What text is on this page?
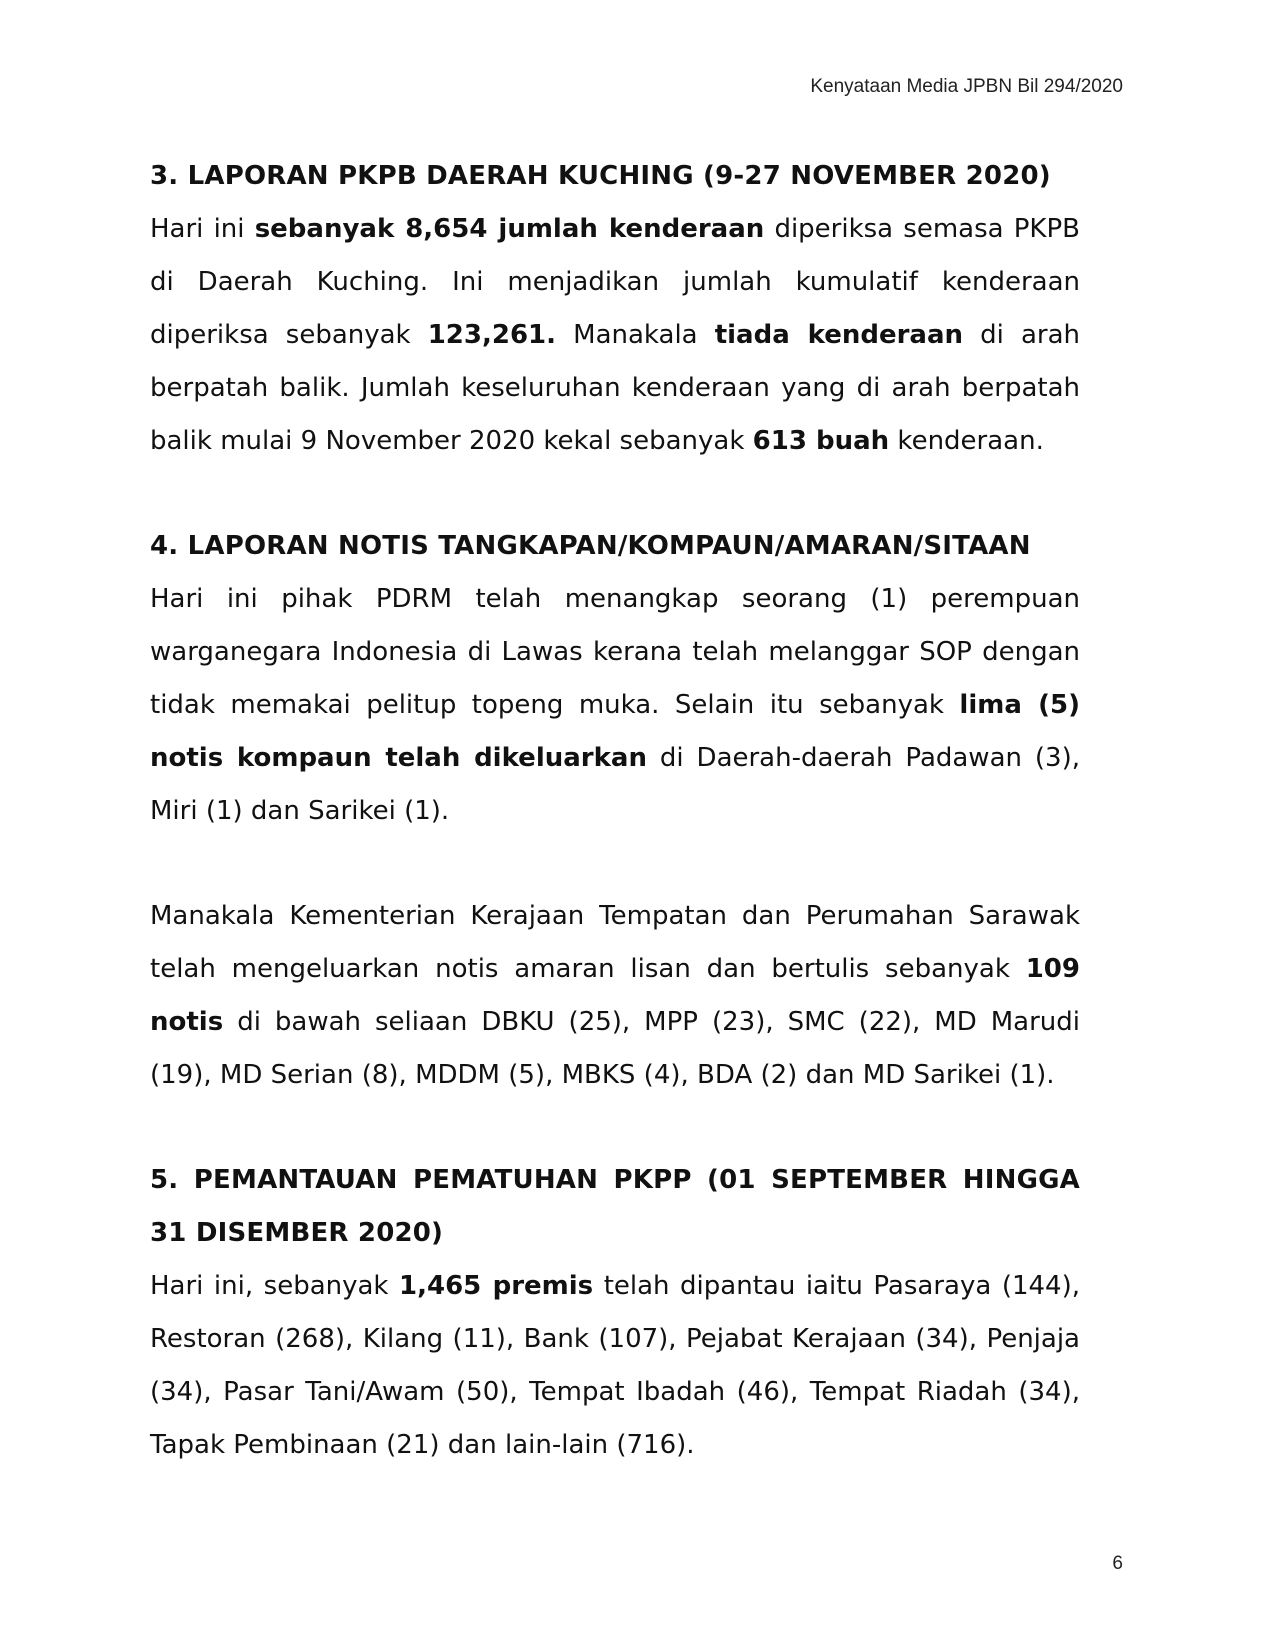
Kenyataan Media JPBN Bil 294/2020
3. LAPORAN PKPB DAERAH KUCHING (9-27 NOVEMBER 2020)

Hari ini sebanyak 8,654 jumlah kenderaan diperiksa semasa PKPB di Daerah Kuching. Ini menjadikan jumlah kumulatif kenderaan diperiksa sebanyak 123,261. Manakala tiada kenderaan di arah berpatah balik. Jumlah keseluruhan kenderaan yang di arah berpatah balik mulai 9 November 2020 kekal sebanyak 613 buah kenderaan.

4. LAPORAN NOTIS TANGKAPAN/KOMPAUN/AMARAN/SITAAN

Hari ini pihak PDRM telah menangkap seorang (1) perempuan warganegara Indonesia di Lawas kerana telah melanggar SOP dengan tidak memakai pelitup topeng muka. Selain itu sebanyak lima (5) notis kompaun telah dikeluarkan di Daerah-daerah Padawan (3), Miri (1) dan Sarikei (1).

Manakala Kementerian Kerajaan Tempatan dan Perumahan Sarawak telah mengeluarkan notis amaran lisan dan bertulis sebanyak 109 notis di bawah seliaan DBKU (25), MPP (23), SMC (22), MD Marudi (19), MD Serian (8), MDDM (5), MBKS (4), BDA (2) dan MD Sarikei (1).

5. PEMANTAUAN PEMATUHAN PKPP (01 SEPTEMBER HINGGA 31 DISEMBER 2020)

Hari ini, sebanyak 1,465 premis telah dipantau iaitu Pasaraya (144), Restoran (268), Kilang (11), Bank (107), Pejabat Kerajaan (34), Penjaja (34), Pasar Tani/Awam (50), Tempat Ibadah (46), Tempat Riadah (34), Tapak Pembinaan (21) dan lain-lain (716).

6
